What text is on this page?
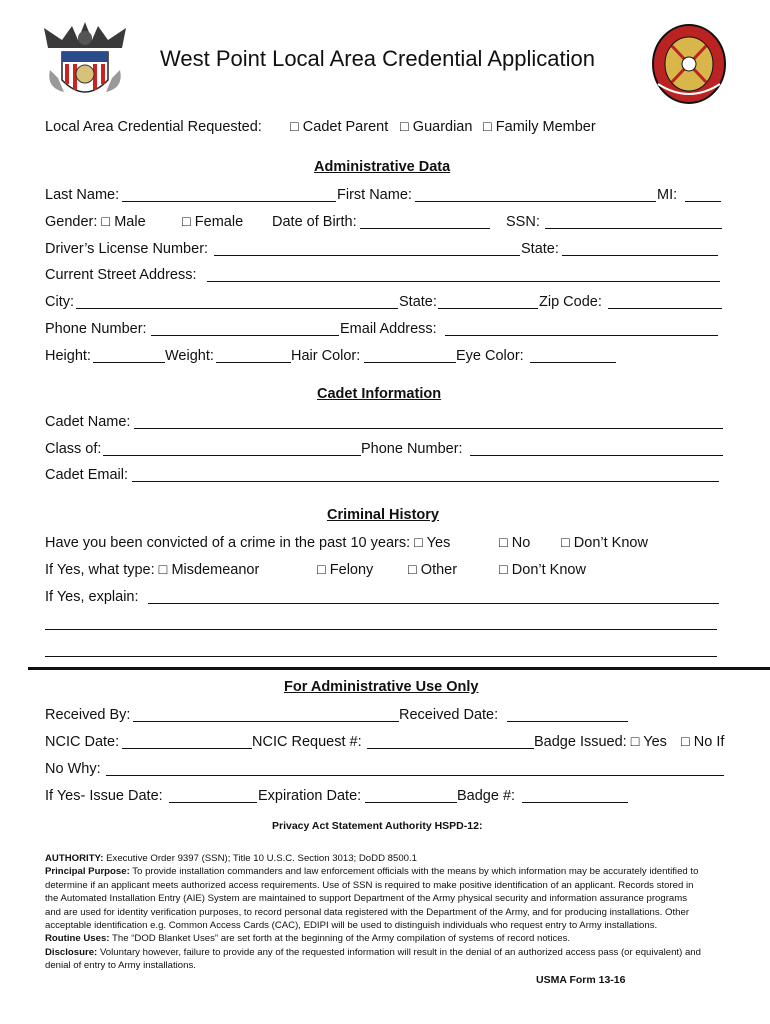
West Point Local Area Credential Application
Local Area Credential Requested: □ Cadet Parent □ Guardian □ Family Member
Administrative Data
Last Name:	First Name:	MI:
Gender: □ Male	□ Female Date of Birth:	SSN:
Driver’s License Number:	State:
Current Street Address:
City:	State:	Zip Code:
Phone Number:	Email Address:
Height:	Weight:	Hair Color:	Eye Color:
Cadet Information
Cadet Name:
Class of:	Phone Number:
Cadet Email:
Criminal History
Have you been convicted of a crime in the past 10 years: □ Yes	□ No □ Don’t Know
If Yes, what type: □ Misdemeanor	□ Felony □ Other	□ Don’t Know
If Yes, explain:
For Administrative Use Only
Received By:	Received Date:
NCIC Date:	NCIC Request #:	Badge Issued: □ Yes □ No If
No Why:
If Yes- Issue Date:	Expiration Date:	Badge #:
Privacy Act Statement Authority HSPD-12:
AUTHORITY: Executive Order 9397 (SSN); Title 10 U.S.C. Section 3013; DoDD 8500.1
Principal Purpose: To provide installation commanders and law enforcement officials with the means by which information may be accurately identified to determine if an applicant meets authorized access requirements. Use of SSN is required to make positive identification of an applicant. Records stored in the Automated Installation Entry (AIE) System are maintained to support Department of the Army physical security and information assurance programs and are used for identity verification purposes, to record personal data registered with the Department of the Army, and for producing installations. Other acceptable identification e.g. Common Access Cards (CAC), EDIPI will be used to distinguish individuals who request entry to Army installations.
Routine Uses: The “DOD Blanket Uses” are set forth at the beginning of the Army compilation of systems of record notices.
Disclosure: Voluntary however, failure to provide any of the requested information will result in the denial of an authorized access pass (or equivalent) and denial of entry to Army installations.
USMA Form 13-16
